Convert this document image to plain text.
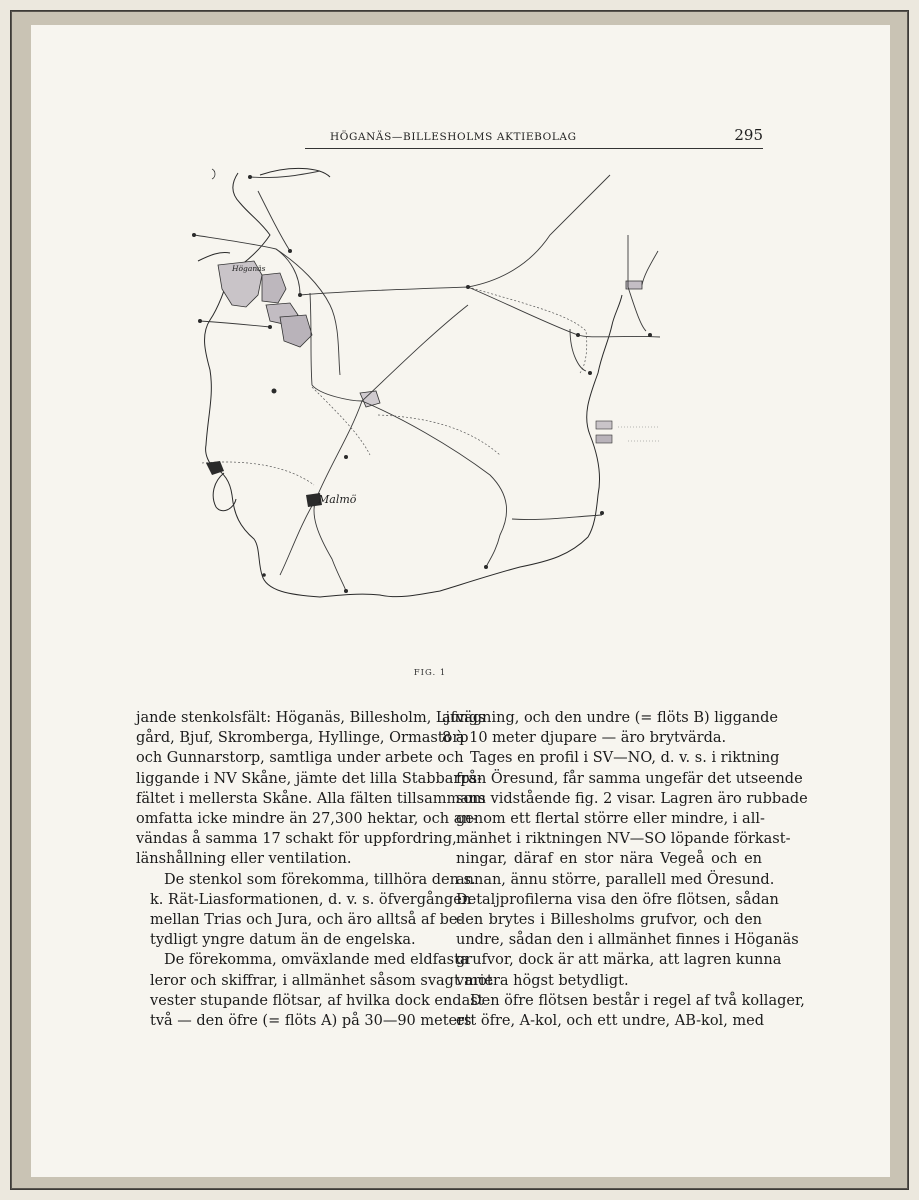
HÖGANÄS—BILLESHOLMS AKTIEBOLAG	295
Höganäs
Malmö
FIG. 1

jande stenkolsfält: Höganäs, Billesholm, Ljungs
gård, Bjuf, Skromberga, Hyllinge, Ormastorp
och Gunnarstorp, samtliga under arbete och
liggande i NV Skåne, jämte det lilla Stabbarps-
fältet i mellersta Skåne. Alla fälten tillsammans
omfatta icke mindre än 27,300 hektar, och an-
vändas å samma 17 schakt för uppfordring,
länshållning eller ventilation.

De stenkol som förekomma, tillhöra den s.
k. Rät-Liasformationen, d. v. s. öfvergången
mellan Trias och Jura, och äro alltså af be-
tydligt yngre datum än de engelska.

De förekomma, omväxlande med eldfasta
leror och skiffrar, i allmänhet såsom svagt mot
vester stupande flötsar, af hvilka dock endast
två — den öfre (= flöts A) på 30—90 meters

afvägning, och den undre (= flöts B) liggande
8 à 10 meter djupare — äro brytvärda.

Tages en profil i SV—NO, d. v. s. i riktning
från Öresund, får samma ungefär det utseende
som vidstående fig. 2 visar. Lagren äro rubbade
genom ett flertal större eller mindre, i all-
mänhet i riktningen NV—SO löpande förkast-
ningar, däraf en stor nära Vegeå och en
annan, ännu större, parallell med Öresund.
Detaljprofilerna visa den öfre flötsen, sådan
den brytes i Billesholms grufvor, och den
undre, sådan den i allmänhet finnes i Höganäs
grufvor, dock är att märka, att lagren kunna
variera högst betydligt.

Den öfre flötsen består i regel af två kollager,
ett öfre, A-kol, och ett undre, AB-kol, med
